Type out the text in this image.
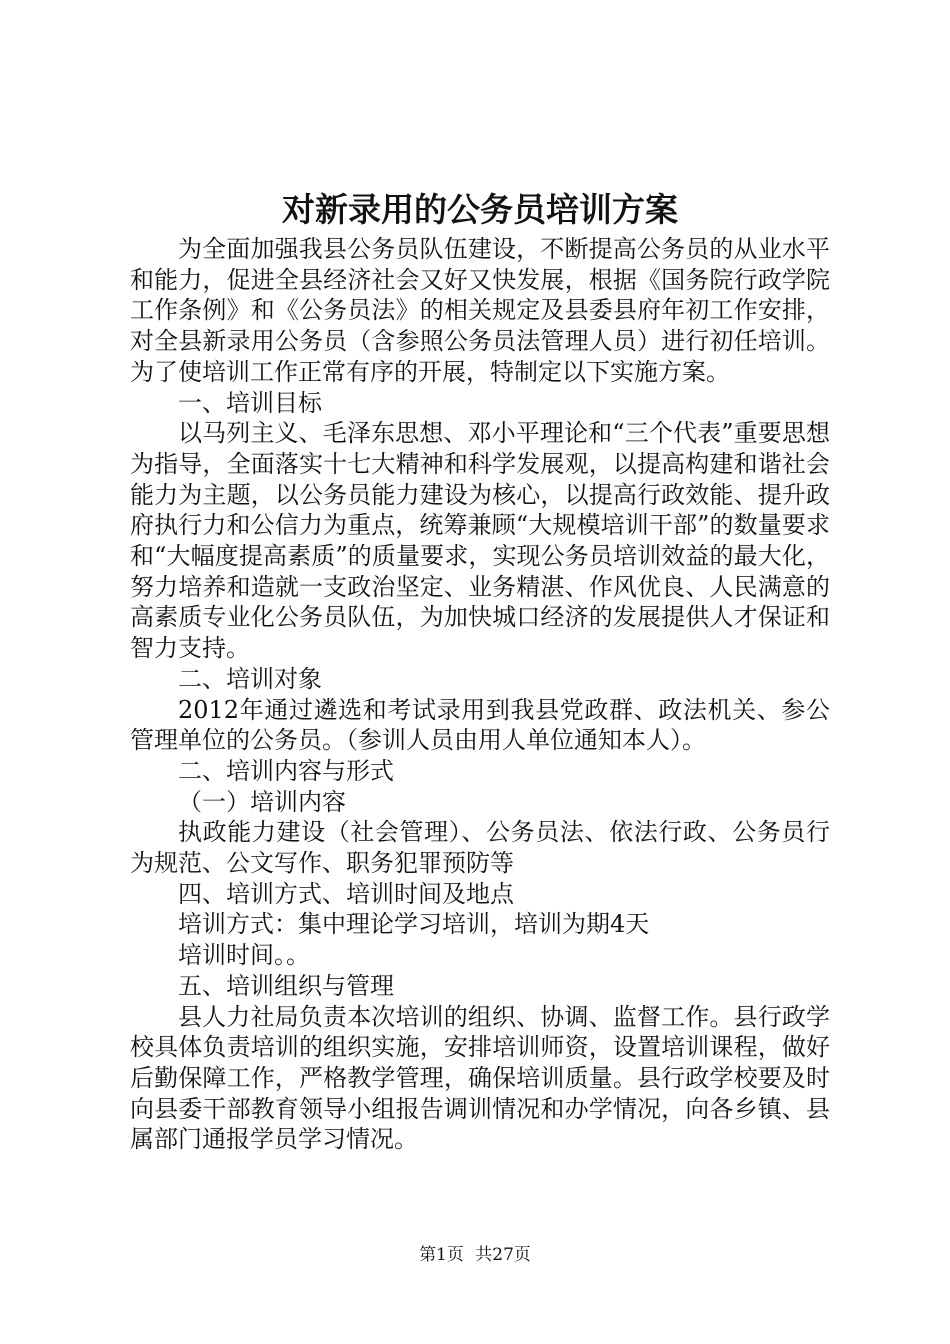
对新录用的公务员培训方案

为全面加强我县公务员队伍建设，不断提高公务员的从业水平和能力，促进全县经济社会又好又快发展，根据《国务院行政学院工作条例》和《公务员法》的相关规定及县委县府年初工作安排，对全县新录用公务员（含参照公务员法管理人员）进行初任培训。为了使培训工作正常有序的开展，特制定以下实施方案。

一、培训目标

以马列主义、毛泽东思想、邓小平理论和“三个代表”重要思想为指导，全面落实十七大精神和科学发展观，以提高构建和谐社会能力为主题，以公务员能力建设为核心，以提高行政效能、提升政府执行力和公信力为重点，统筹兼顾“大规模培训干部”的数量要求和“大幅度提高素质”的质量要求，实现公务员培训效益的最大化，努力培养和造就一支政治坚定、业务精湛、作风优良、人民满意的高素质专业化公务员队伍，为加快城口经济的发展提供人才保证和智力支持。

二、培训对象

2012年通过遴选和考试录用到我县党政群、政法机关、参公管理单位的公务员。（参训人员由用人单位通知本人）。

二、培训内容与形式

（一）培训内容

执政能力建设（社会管理）、公务员法、依法行政、公务员行为规范、公文写作、职务犯罪预防等

四、培训方式、培训时间及地点

培训方式：集中理论学习培训，培训为期4天

培训时间。。

五、培训组织与管理

县人力社局负责本次培训的组织、协调、监督工作。县行政学校具体负责培训的组织实施，安排培训师资，设置培训课程，做好后勤保障工作，严格教学管理，确保培训质量。县行政学校要及时向县委干部教育领导小组报告调训情况和办学情况，向各乡镇、县属部门通报学员学习情况。

第1页 共27页
